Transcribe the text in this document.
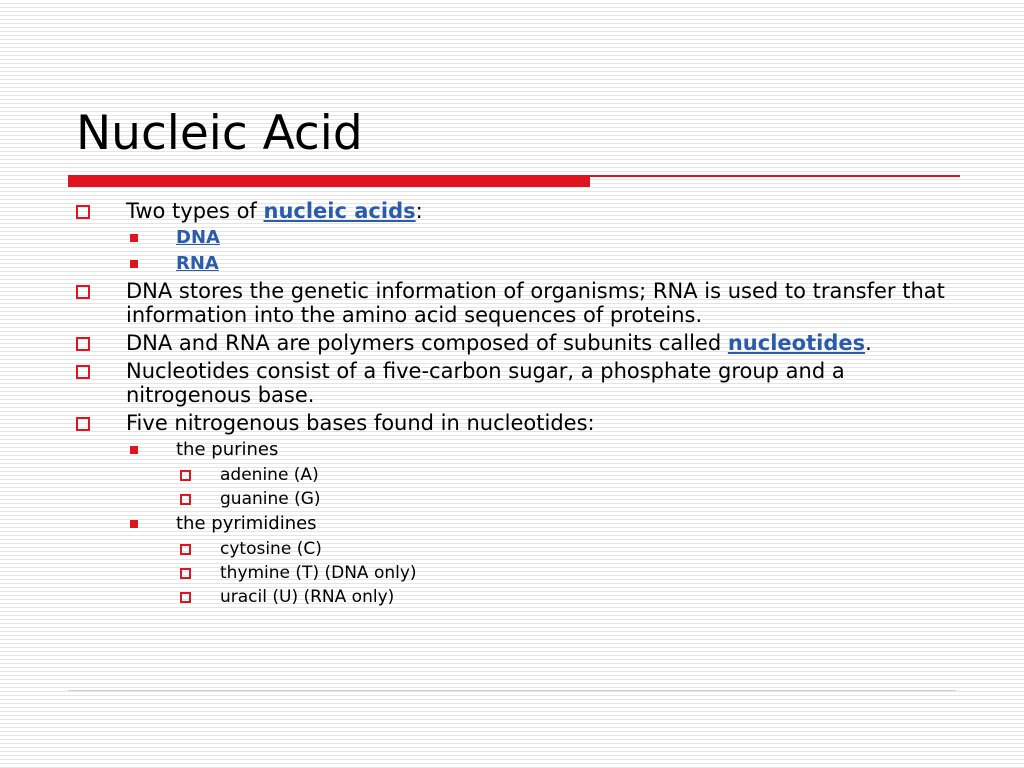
Nucleic Acid
Two types of nucleic acids:
DNA
RNA
DNA stores the genetic information of organisms; RNA is used to transfer that information into the amino acid sequences of proteins.
DNA and RNA are polymers composed of subunits called nucleotides.
Nucleotides consist of a five-carbon sugar, a phosphate group and a nitrogenous base.
Five nitrogenous bases found in nucleotides:
the purines
adenine (A)
guanine (G)
the pyrimidines
cytosine (C)
thymine (T) (DNA only)
uracil (U) (RNA only)
